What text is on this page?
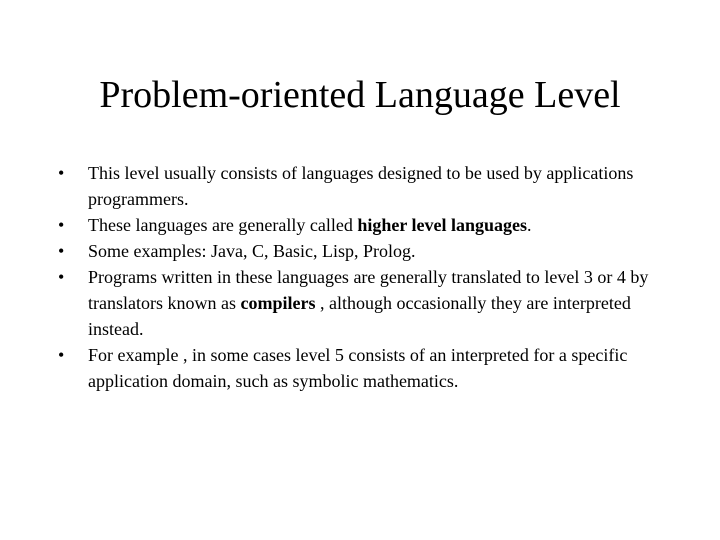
Problem-oriented Language Level
•	This level usually consists of languages designed to be used by applications programmers.
•	These languages are generally called higher level languages.
•	Some examples: Java, C, Basic, Lisp, Prolog.
•	Programs written in these languages are generally translated to level 3 or 4 by translators known as compilers , although occasionally they are interpreted instead.
•	For example , in some cases level 5 consists of an interpreted for a specific application domain, such as symbolic mathematics.
